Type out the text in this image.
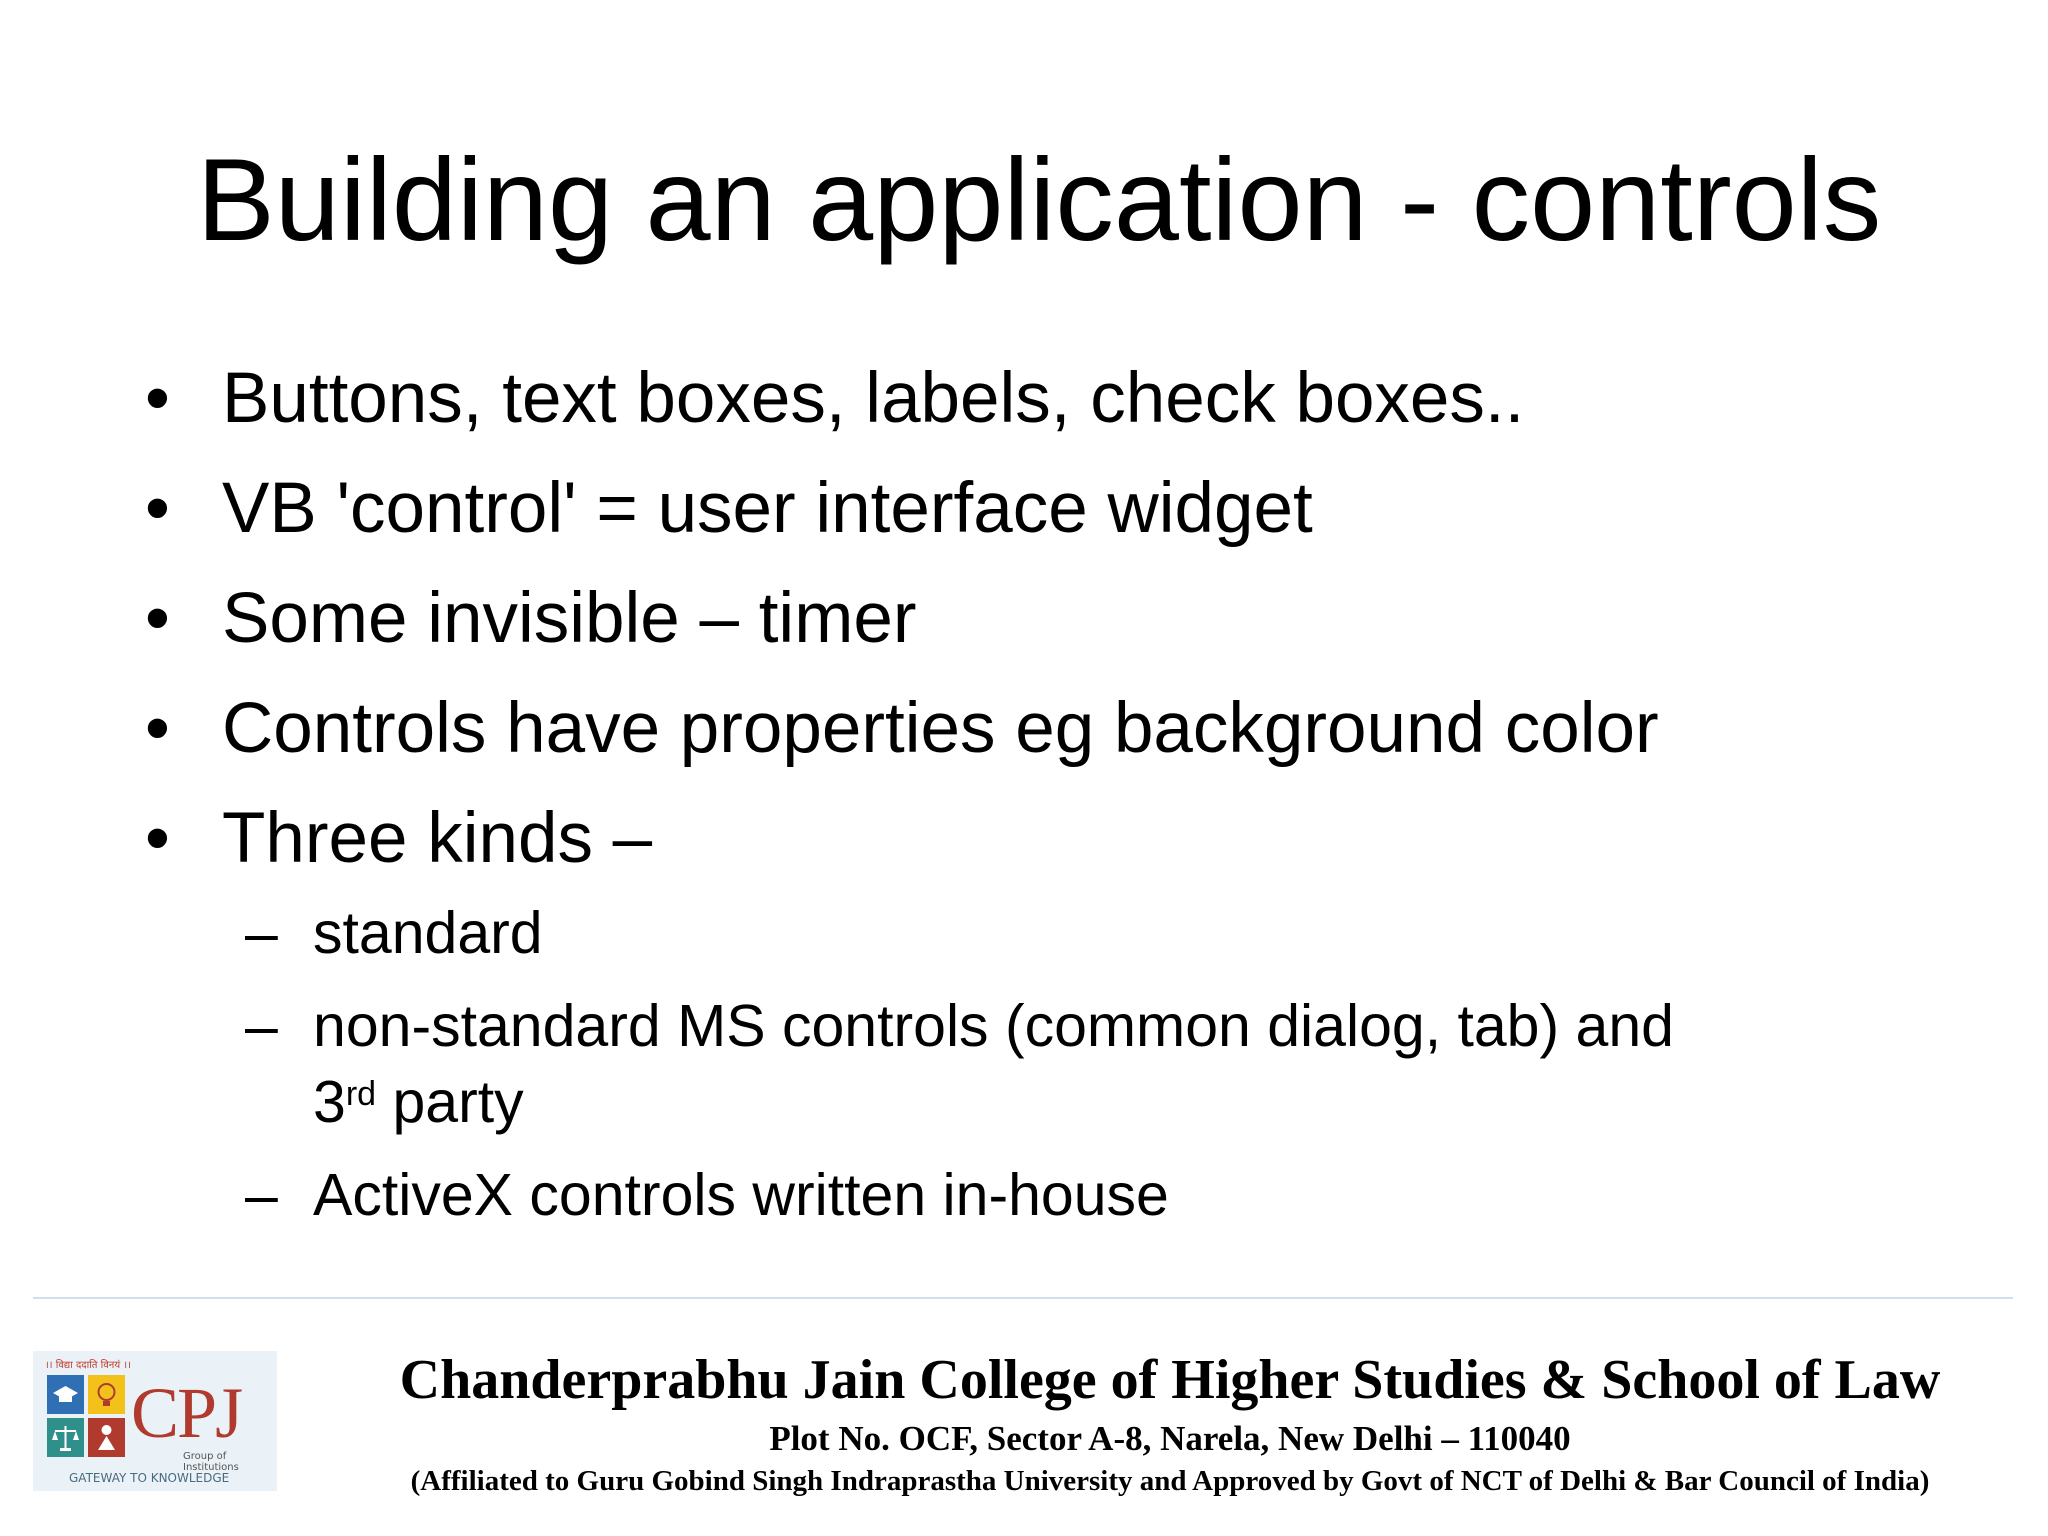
Building an application - controls
• Buttons, text boxes, labels, check boxes..
• VB 'control' = user interface widget
• Some invisible – timer
• Controls have properties eg background color
• Three kinds –
– standard
– non-standard MS controls (common dialog, tab) and
3rd party
– ActiveX controls written in-house
।। विद्या ददाति विनयं ।।
CPJ
Group of Institutions
GATEWAY TO KNOWLEDGE
Chanderprabhu Jain College of Higher Studies & School of Law
Plot No. OCF, Sector A-8, Narela, New Delhi – 110040
(Affiliated to Guru Gobind Singh Indraprastha University and Approved by Govt of NCT of Delhi & Bar Council of India)
